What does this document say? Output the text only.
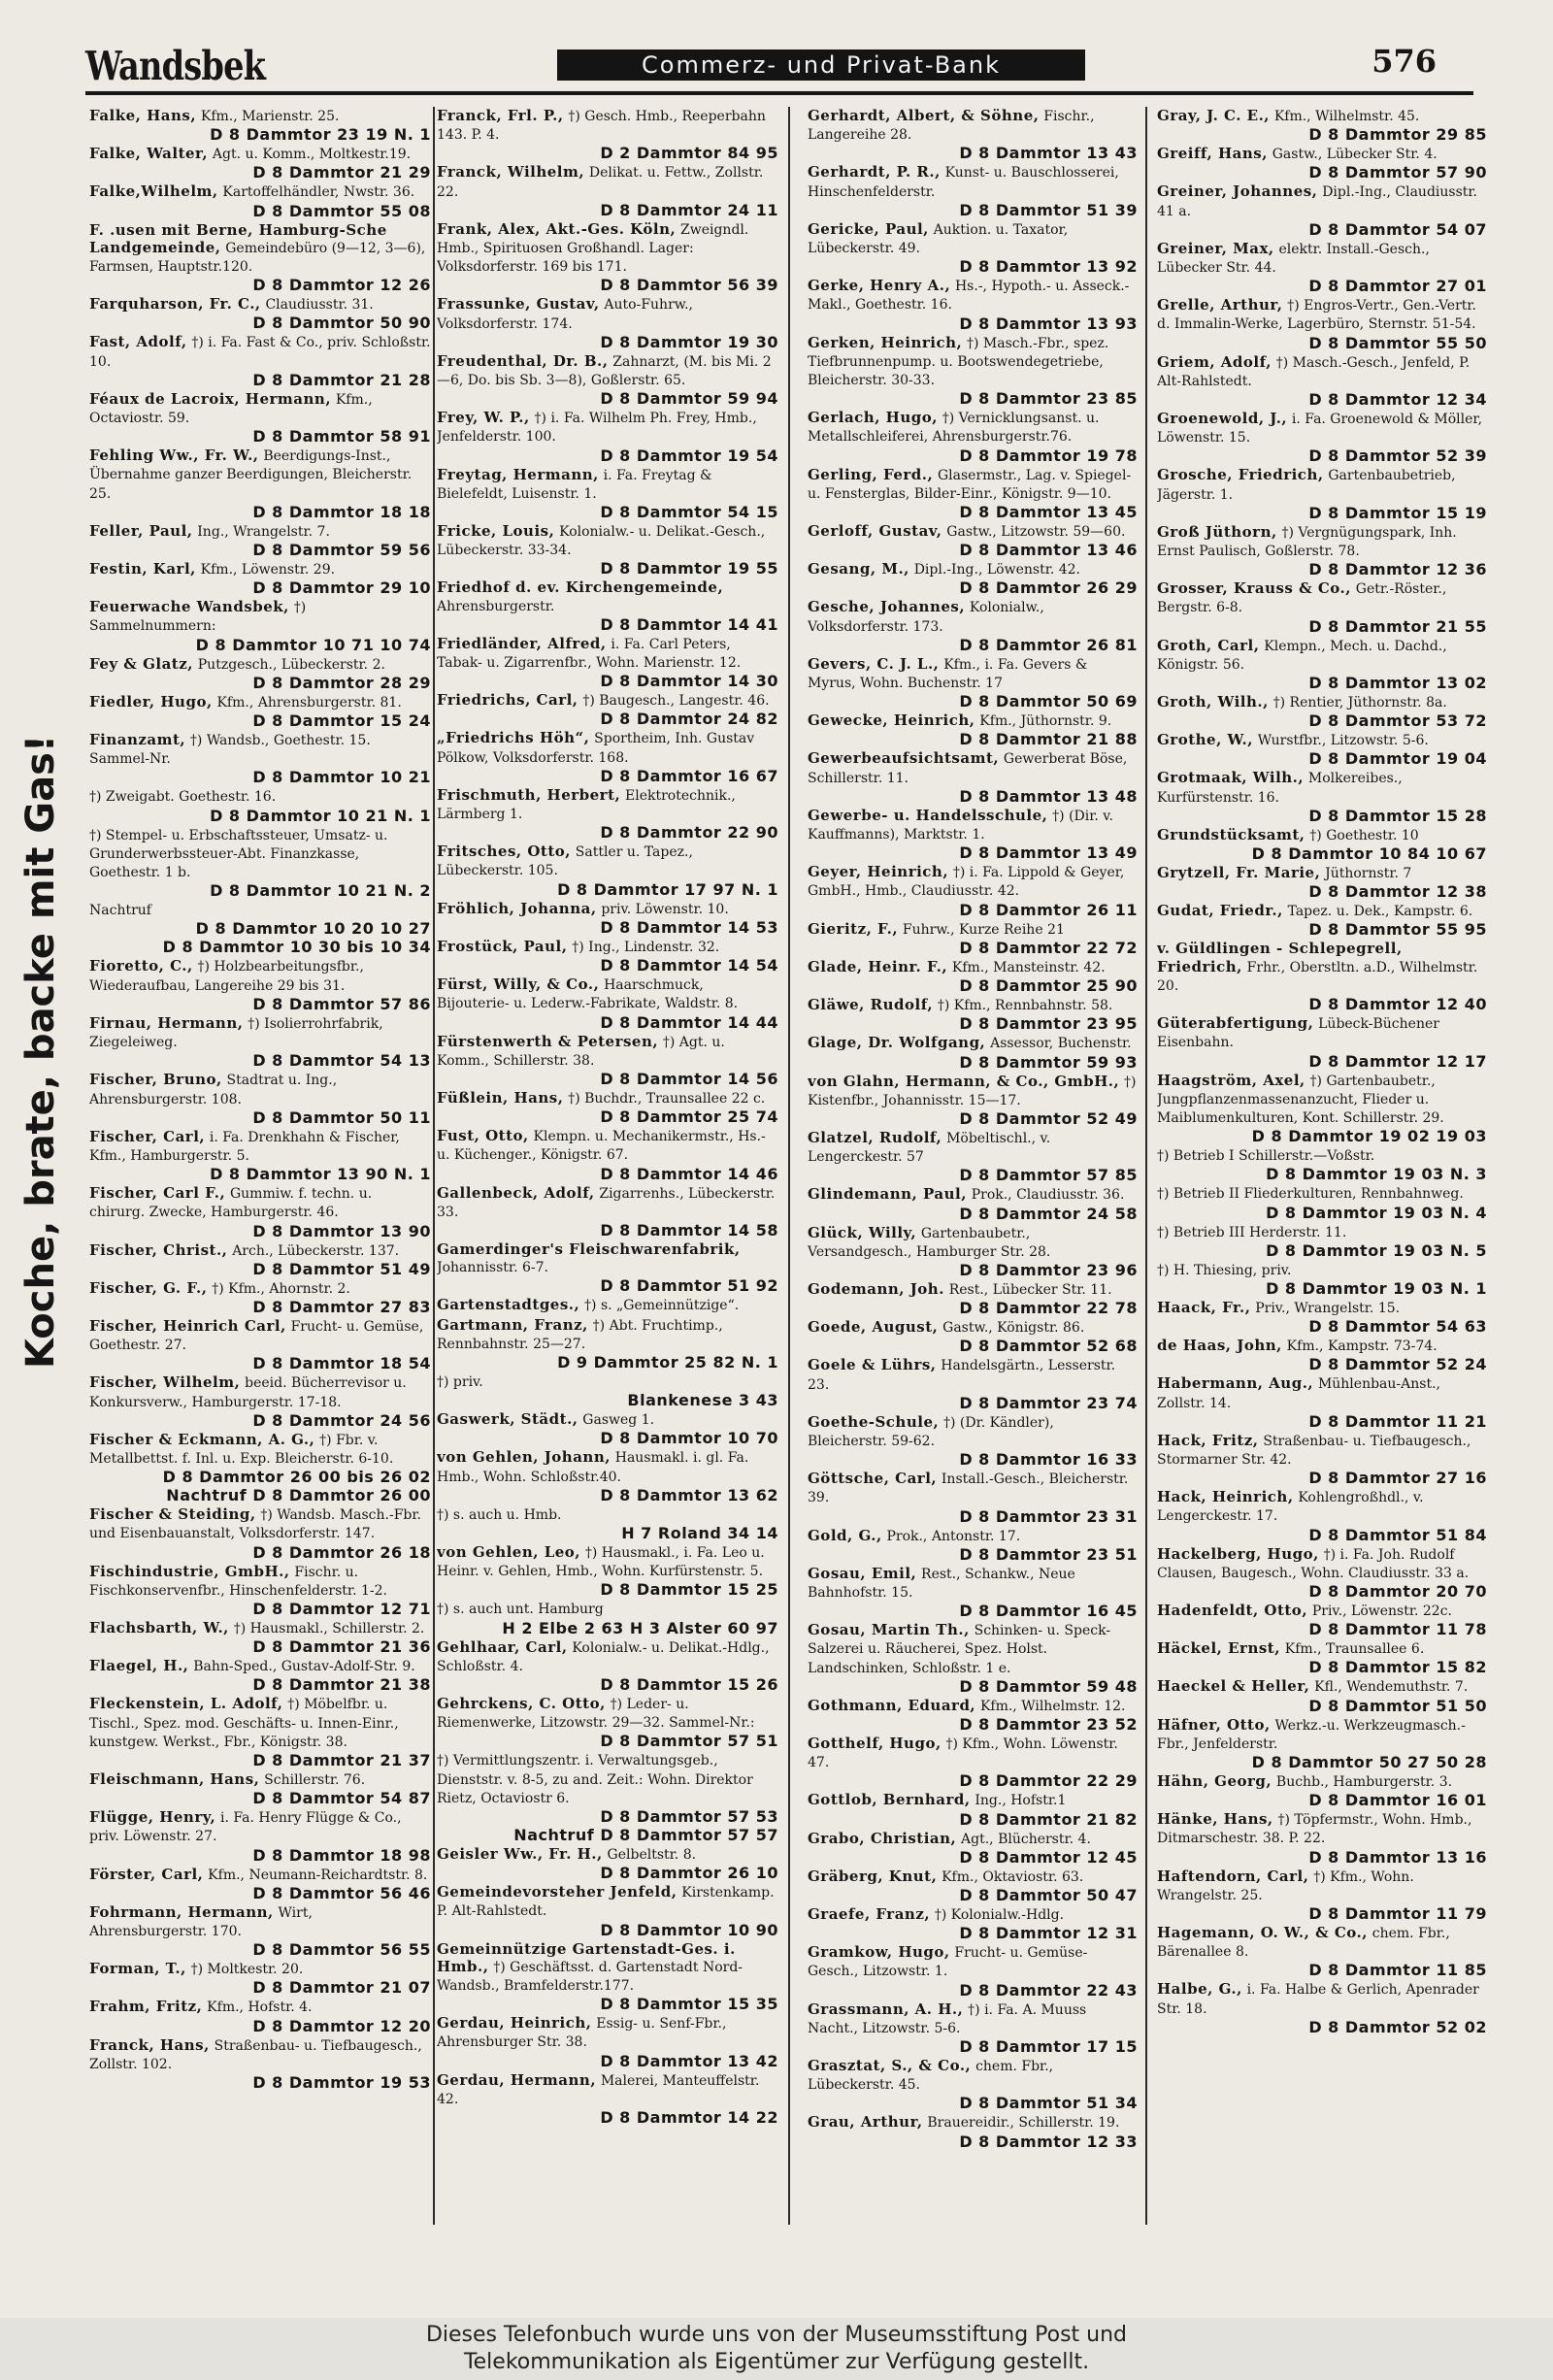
Wandsbek	Commerz- und Privat-Bank	576
Koche, brate, backe mit Gas!
Falke, Hans, Kfm., Marienstr. 25.
D 8 Dammtor 23 19 N. 1
Falke, Walter, Agt. u. Komm., Moltkestr.19.
D 8 Dammtor 21 29
Falke,Wilhelm, Kartoffelhändler, Nwstr. 36.
D 8 Dammtor 55 08
F. .usen mit Berne, Hamburg-Sche Landgemeinde, Gemeindebüro (9—12, 3—6), Farmsen, Hauptstr.120.
D 8 Dammtor 12 26
Farquharson, Fr. C., Claudiusstr. 31.
D 8 Dammtor 50 90
Fast, Adolf, †) i. Fa. Fast & Co., priv. Schloßstr. 10.
D 8 Dammtor 21 28
Féaux de Lacroix, Hermann, Kfm., Octaviostr. 59.
D 8 Dammtor 58 91
Fehling Ww., Fr. W., Beerdigungs-Inst., Übernahme ganzer Beerdigungen, Bleicherstr. 25.
D 8 Dammtor 18 18
Feller, Paul, Ing., Wrangelstr. 7.
D 8 Dammtor 59 56
Festin, Karl, Kfm., Löwenstr. 29.
D 8 Dammtor 29 10
Feuerwache Wandsbek, †) Sammelnummern:
D 8 Dammtor 10 71 10 74
Fey & Glatz, Putzgesch., Lübeckerstr. 2.
D 8 Dammtor 28 29
Fiedler, Hugo, Kfm., Ahrensburgerstr. 81.
D 8 Dammtor 15 24
Finanzamt, †) Wandsb., Goethestr. 15. Sammel-Nr.
D 8 Dammtor 10 21
†) Zweigabt. Goethestr. 16.
D 8 Dammtor 10 21 N. 1
†) Stempel- u. Erbschaftssteuer, Umsatz- u. Grunderwerbssteuer-Abt. Finanzkasse, Goethestr. 1 b.
D 8 Dammtor 10 21 N. 2
Nachtruf
D 8 Dammtor 10 20 10 27
D 8 Dammtor 10 30 bis 10 34
Fioretto, C., †) Holzbearbeitungsfbr., Wiederaufbau, Langereihe 29 bis 31.
D 8 Dammtor 57 86
Firnau, Hermann, †) Isolierrohrfabrik, Ziegeleiweg.
D 8 Dammtor 54 13
Fischer, Bruno, Stadtrat u. Ing., Ahrensburgerstr. 108.
D 8 Dammtor 50 11
Fischer, Carl, i. Fa. Drenkhahn & Fischer, Kfm., Hamburgerstr. 5.
D 8 Dammtor 13 90 N. 1
Fischer, Carl F., Gummiw. f. techn. u. chirurg. Zwecke, Hamburgerstr. 46.
D 8 Dammtor 13 90
Fischer, Christ., Arch., Lübeckerstr. 137.
D 8 Dammtor 51 49
Fischer, G. F., †) Kfm., Ahornstr. 2.
D 8 Dammtor 27 83
Fischer, Heinrich Carl, Frucht- u. Gemüse, Goethestr. 27.
D 8 Dammtor 18 54
Fischer, Wilhelm, beeid. Bücherrevisor u. Konkursverw., Hamburgerstr. 17-18.
D 8 Dammtor 24 56
Fischer & Eckmann, A. G., †) Fbr. v. Metallbettst. f. Inl. u. Exp. Bleicherstr. 6-10.
D 8 Dammtor 26 00 bis 26 02
Nachtruf D 8 Dammtor 26 00
Fischer & Steiding, †) Wandsb. Masch.-Fbr. und Eisenbauanstalt, Volksdorferstr. 147.
D 8 Dammtor 26 18
Fischindustrie, GmbH., Fischr. u. Fischkonservenfbr., Hinschenfelderstr. 1-2.
D 8 Dammtor 12 71
Flachsbarth, W., †) Hausmakl., Schillerstr. 2.
D 8 Dammtor 21 36
Flaegel, H., Bahn-Sped., Gustav-Adolf-Str. 9.
D 8 Dammtor 21 38
Fleckenstein, L. Adolf, †) Möbelfbr. u. Tischl., Spez. mod. Geschäfts- u. Innen-Einr., kunstgew. Werkst., Fbr., Königstr. 38.
D 8 Dammtor 21 37
Fleischmann, Hans, Schillerstr. 76.
D 8 Dammtor 54 87
Flügge, Henry, i. Fa. Henry Flügge & Co., priv. Löwenstr. 27.
D 8 Dammtor 18 98
Förster, Carl, Kfm., Neumann-Reichardtstr. 8.
D 8 Dammtor 56 46
Fohrmann, Hermann, Wirt, Ahrensburgerstr. 170.
D 8 Dammtor 56 55
Forman, T., †) Moltkestr. 20.
D 8 Dammtor 21 07
Frahm, Fritz, Kfm., Hofstr. 4.
D 8 Dammtor 12 20
Franck, Hans, Straßenbau- u. Tiefbaugesch., Zollstr. 102.
D 8 Dammtor 19 53
Franck, Frl. P., †) Gesch. Hmb., Reeperbahn 143. P. 4.
D 2 Dammtor 84 95
Franck, Wilhelm, Delikat. u. Fettw., Zollstr. 22.
D 8 Dammtor 24 11
Frank, Alex, Akt.-Ges. Köln, Zweigndl. Hmb., Spirituosen Großhandl. Lager: Volksdorferstr. 169 bis 171.
D 8 Dammtor 56 39
Frassunke, Gustav, Auto-Fuhrw., Volksdorferstr. 174.
D 8 Dammtor 19 30
Freudenthal, Dr. B., Zahnarzt, (M. bis Mi. 2—6, Do. bis Sb. 3—8), Goßlerstr. 65.
D 8 Dammtor 59 94
Frey, W. P., †) i. Fa. Wilhelm Ph. Frey, Hmb., Jenfelderstr. 100.
D 8 Dammtor 19 54
Freytag, Hermann, i. Fa. Freytag & Bielefeldt, Luisenstr. 1.
D 8 Dammtor 54 15
Fricke, Louis, Kolonialw.- u. Delikat.-Gesch., Lübeckerstr. 33-34.
D 8 Dammtor 19 55
Friedhof d. ev. Kirchengemeinde, Ahrensburgerstr.
D 8 Dammtor 14 41
Friedländer, Alfred, i. Fa. Carl Peters, Tabak- u. Zigarrenfbr., Wohn. Marienstr. 12.
D 8 Dammtor 14 30
Friedrichs, Carl, †) Baugesch., Langestr. 46.
D 8 Dammtor 24 82
„Friedrichs Höh“, Sportheim, Inh. Gustav Pölkow, Volksdorferstr. 168.
D 8 Dammtor 16 67
Frischmuth, Herbert, Elektrotechnik., Lärmberg 1.
D 8 Dammtor 22 90
Fritsches, Otto, Sattler u. Tapez., Lübeckerstr. 105.
D 8 Dammtor 17 97 N. 1
Fröhlich, Johanna, priv. Löwenstr. 10.
D 8 Dammtor 14 53
Frostück, Paul, †) Ing., Lindenstr. 32.
D 8 Dammtor 14 54
Fürst, Willy, & Co., Haarschmuck, Bijouterie- u. Lederw.-Fabrikate, Waldstr. 8.
D 8 Dammtor 14 44
Fürstenwerth & Petersen, †) Agt. u. Komm., Schillerstr. 38.
D 8 Dammtor 14 56
Füßlein, Hans, †) Buchdr., Traunsallee 22 c.
D 8 Dammtor 25 74
Fust, Otto, Klempn. u. Mechanikermstr., Hs.- u. Küchenger., Königstr. 67.
D 8 Dammtor 14 46
Gallenbeck, Adolf, Zigarrenhs., Lübeckerstr. 33.
D 8 Dammtor 14 58
Gamerdinger's Fleischwarenfabrik, Johannisstr. 6-7.
D 8 Dammtor 51 92
Gartenstadtges., †) s. „Gemeinnützige“.
Gartmann, Franz, †) Abt. Fruchtimp., Rennbahnstr. 25—27.
D 9 Dammtor 25 82 N. 1
†) priv.
Blankenese 3 43
Gaswerk, Städt., Gasweg 1.
D 8 Dammtor 10 70
von Gehlen, Johann, Hausmakl. i. gl. Fa. Hmb., Wohn. Schloßstr.40.
D 8 Dammtor 13 62
†) s. auch u. Hmb.
H 7 Roland 34 14
von Gehlen, Leo, †) Hausmakl., i. Fa. Leo u. Heinr. v. Gehlen, Hmb., Wohn. Kurfürstenstr. 5.
D 8 Dammtor 15 25
†) s. auch unt. Hamburg
H 2 Elbe 2 63 H 3 Alster 60 97
Gehlhaar, Carl, Kolonialw.- u. Delikat.-Hdlg., Schloßstr. 4.
D 8 Dammtor 15 26
Gehrckens, C. Otto, †) Leder- u. Riemenwerke, Litzowstr. 29—32. Sammel-Nr.:
D 8 Dammtor 57 51
†) Vermittlungszentr. i. Verwaltungsgeb., Dienststr. v. 8-5, zu and. Zeit.: Wohn. Direktor Rietz, Octaviostr 6.
D 8 Dammtor 57 53
Nachtruf D 8 Dammtor 57 57
Geisler Ww., Fr. H., Gelbeltstr. 8.
D 8 Dammtor 26 10
Gemeindevorsteher Jenfeld, Kirstenkamp. P. Alt-Rahlstedt.
D 8 Dammtor 10 90
Gemeinnützige Gartenstadt-Ges. i. Hmb., †) Geschäftsst. d. Gartenstadt Nord-Wandsb., Bramfelderstr.177.
D 8 Dammtor 15 35
Gerdau, Heinrich, Essig- u. Senf-Fbr., Ahrensburger Str. 38.
D 8 Dammtor 13 42
Gerdau, Hermann, Malerei, Manteuffelstr. 42.
D 8 Dammtor 14 22
Gerhardt, Albert, & Söhne, Fischr., Langereihe 28.
D 8 Dammtor 13 43
Gerhardt, P. R., Kunst- u. Bauschlosserei, Hinschenfelderstr.
D 8 Dammtor 51 39
Gericke, Paul, Auktion. u. Taxator, Lübeckerstr. 49.
D 8 Dammtor 13 92
Gerke, Henry A., Hs.-, Hypoth.- u. Asseck.-Makl., Goethestr. 16.
D 8 Dammtor 13 93
Gerken, Heinrich, †) Masch.-Fbr., spez. Tiefbrunnenpump. u. Bootswendegetriebe, Bleicherstr. 30-33.
D 8 Dammtor 23 85
Gerlach, Hugo, †) Vernicklungsanst. u. Metallschleiferei, Ahrensburgerstr.76.
D 8 Dammtor 19 78
Gerling, Ferd., Glasermstr., Lag. v. Spiegel- u. Fensterglas, Bilder-Einr., Königstr. 9—10.
D 8 Dammtor 13 45
Gerloff, Gustav, Gastw., Litzowstr. 59—60.
D 8 Dammtor 13 46
Gesang, M., Dipl.-Ing., Löwenstr. 42.
D 8 Dammtor 26 29
Gesche, Johannes, Kolonialw., Volksdorferstr. 173.
D 8 Dammtor 26 81
Gevers, C. J. L., Kfm., i. Fa. Gevers & Myrus, Wohn. Buchenstr. 17
D 8 Dammtor 50 69
Gewecke, Heinrich, Kfm., Jüthornstr. 9.
D 8 Dammtor 21 88
Gewerbeaufsichtsamt, Gewerberat Böse, Schillerstr. 11.
D 8 Dammtor 13 48
Gewerbe- u. Handelsschule, †) (Dir. v. Kauffmanns), Marktstr. 1.
D 8 Dammtor 13 49
Geyer, Heinrich, †) i. Fa. Lippold & Geyer, GmbH., Hmb., Claudiusstr. 42.
D 8 Dammtor 26 11
Gieritz, F., Fuhrw., Kurze Reihe 21
D 8 Dammtor 22 72
Glade, Heinr. F., Kfm., Mansteinstr. 42.
D 8 Dammtor 25 90
Gläwe, Rudolf, †) Kfm., Rennbahnstr. 58.
D 8 Dammtor 23 95
Glage, Dr. Wolfgang, Assessor, Buchenstr.
D 8 Dammtor 59 93
von Glahn, Hermann, & Co., GmbH., †) Kistenfbr., Johannisstr. 15—17.
D 8 Dammtor 52 49
Glatzel, Rudolf, Möbeltischl., v. Lengerckestr. 57
D 8 Dammtor 57 85
Glindemann, Paul, Prok., Claudiusstr. 36.
D 8 Dammtor 24 58
Glück, Willy, Gartenbaubetr., Versandgesch., Hamburger Str. 28.
D 8 Dammtor 23 96
Godemann, Joh. Rest., Lübecker Str. 11.
D 8 Dammtor 22 78
Goede, August, Gastw., Königstr. 86.
D 8 Dammtor 52 68
Goele & Lührs, Handelsgärtn., Lesserstr. 23.
D 8 Dammtor 23 74
Goethe-Schule, †) (Dr. Kändler), Bleicherstr. 59-62.
D 8 Dammtor 16 33
Göttsche, Carl, Install.-Gesch., Bleicherstr. 39.
D 8 Dammtor 23 31
Gold, G., Prok., Antonstr. 17.
D 8 Dammtor 23 51
Gosau, Emil, Rest., Schankw., Neue Bahnhofstr. 15.
D 8 Dammtor 16 45
Gosau, Martin Th., Schinken- u. Speck-Salzerei u. Räucherei, Spez. Holst. Landschinken, Schloßstr. 1 e.
D 8 Dammtor 59 48
Gothmann, Eduard, Kfm., Wilhelmstr. 12.
D 8 Dammtor 23 52
Gotthelf, Hugo, †) Kfm., Wohn. Löwenstr. 47.
D 8 Dammtor 22 29
Gottlob, Bernhard, Ing., Hofstr.1
D 8 Dammtor 21 82
Grabo, Christian, Agt., Blücherstr. 4.
D 8 Dammtor 12 45
Gräberg, Knut, Kfm., Oktaviostr. 63.
D 8 Dammtor 50 47
Graefe, Franz, †) Kolonialw.-Hdlg.
D 8 Dammtor 12 31
Gramkow, Hugo, Frucht- u. Gemüse-Gesch., Litzowstr. 1.
D 8 Dammtor 22 43
Grassmann, A. H., †) i. Fa. A. Muuss Nacht., Litzowstr. 5-6.
D 8 Dammtor 17 15
Grasztat, S., & Co., chem. Fbr., Lübeckerstr. 45.
D 8 Dammtor 51 34
Grau, Arthur, Brauereidir., Schillerstr. 19.
D 8 Dammtor 12 33
Gray, J. C. E., Kfm., Wilhelmstr. 45.
D 8 Dammtor 29 85
Greiff, Hans, Gastw., Lübecker Str. 4.
D 8 Dammtor 57 90
Greiner, Johannes, Dipl.-Ing., Claudiusstr. 41 a.
D 8 Dammtor 54 07
Greiner, Max, elektr. Install.-Gesch., Lübecker Str. 44.
D 8 Dammtor 27 01
Grelle, Arthur, †) Engros-Vertr., Gen.-Vertr. d. Immalin-Werke, Lagerbüro, Sternstr. 51-54.
D 8 Dammtor 55 50
Griem, Adolf, †) Masch.-Gesch., Jenfeld, P. Alt-Rahlstedt.
D 8 Dammtor 12 34
Groenewold, J., i. Fa. Groenewold & Möller, Löwenstr. 15.
D 8 Dammtor 52 39
Grosche, Friedrich, Gartenbaubetrieb, Jägerstr. 1.
D 8 Dammtor 15 19
Groß Jüthorn, †) Vergnügungspark, Inh. Ernst Paulisch, Goßlerstr. 78.
D 8 Dammtor 12 36
Grosser, Krauss & Co., Getr.-Röster., Bergstr. 6-8.
D 8 Dammtor 21 55
Groth, Carl, Klempn., Mech. u. Dachd., Königstr. 56.
D 8 Dammtor 13 02
Groth, Wilh., †) Rentier, Jüthornstr. 8a.
D 8 Dammtor 53 72
Grothe, W., Wurstfbr., Litzowstr. 5-6.
D 8 Dammtor 19 04
Grotmaak, Wilh., Molkereibes., Kurfürstenstr. 16.
D 8 Dammtor 15 28
Grundstücksamt, †) Goethestr. 10
D 8 Dammtor 10 84 10 67
Grytzell, Fr. Marie, Jüthornstr. 7
D 8 Dammtor 12 38
Gudat, Friedr., Tapez. u. Dek., Kampstr. 6.
D 8 Dammtor 55 95
v. Güldlingen - Schlepegrell, Friedrich, Frhr., Oberstltn. a.D., Wilhelmstr. 20.
D 8 Dammtor 12 40
Güterabfertigung, Lübeck-Büchener Eisenbahn.
D 8 Dammtor 12 17
Haagström, Axel, †) Gartenbaubetr., Jungpflanzenmassenanzucht, Flieder u. Maiblumenkulturen, Kont. Schillerstr. 29.
D 8 Dammtor 19 02 19 03
†) Betrieb I Schillerstr.—Voßstr.
D 8 Dammtor 19 03 N. 3
†) Betrieb II Fliederkulturen, Rennbahnweg.
D 8 Dammtor 19 03 N. 4
†) Betrieb III Herderstr. 11.
D 8 Dammtor 19 03 N. 5
†) H. Thiesing, priv.
D 8 Dammtor 19 03 N. 1
Haack, Fr., Priv., Wrangelstr. 15.
D 8 Dammtor 54 63
de Haas, John, Kfm., Kampstr. 73-74.
D 8 Dammtor 52 24
Habermann, Aug., Mühlenbau-Anst., Zollstr. 14.
D 8 Dammtor 11 21
Hack, Fritz, Straßenbau- u. Tiefbaugesch., Stormarner Str. 42.
D 8 Dammtor 27 16
Hack, Heinrich, Kohlengroßhdl., v. Lengerckestr. 17.
D 8 Dammtor 51 84
Hackelberg, Hugo, †) i. Fa. Joh. Rudolf Clausen, Baugesch., Wohn. Claudiusstr. 33 a.
D 8 Dammtor 20 70
Hadenfeldt, Otto, Priv., Löwenstr. 22c.
D 8 Dammtor 11 78
Häckel, Ernst, Kfm., Traunsallee 6.
D 8 Dammtor 15 82
Haeckel & Heller, Kfl., Wendemuthstr. 7.
D 8 Dammtor 51 50
Häfner, Otto, Werkz.-u. Werkzeugmasch.-Fbr., Jenfelderstr.
D 8 Dammtor 50 27 50 28
Hähn, Georg, Buchb., Hamburgerstr. 3.
D 8 Dammtor 16 01
Hänke, Hans, †) Töpfermstr., Wohn. Hmb., Ditmarschestr. 38. P. 22.
D 8 Dammtor 13 16
Haftendorn, Carl, †) Kfm., Wohn. Wrangelstr. 25.
D 8 Dammtor 11 79
Hagemann, O. W., & Co., chem. Fbr., Bärenallee 8.
D 8 Dammtor 11 85
Halbe, G., i. Fa. Halbe & Gerlich, Apenrader Str. 18.
D 8 Dammtor 52 02
Dieses Telefonbuch wurde uns von der Museumsstiftung Post und
Telekommunikation als Eigentümer zur Verfügung gestellt.
